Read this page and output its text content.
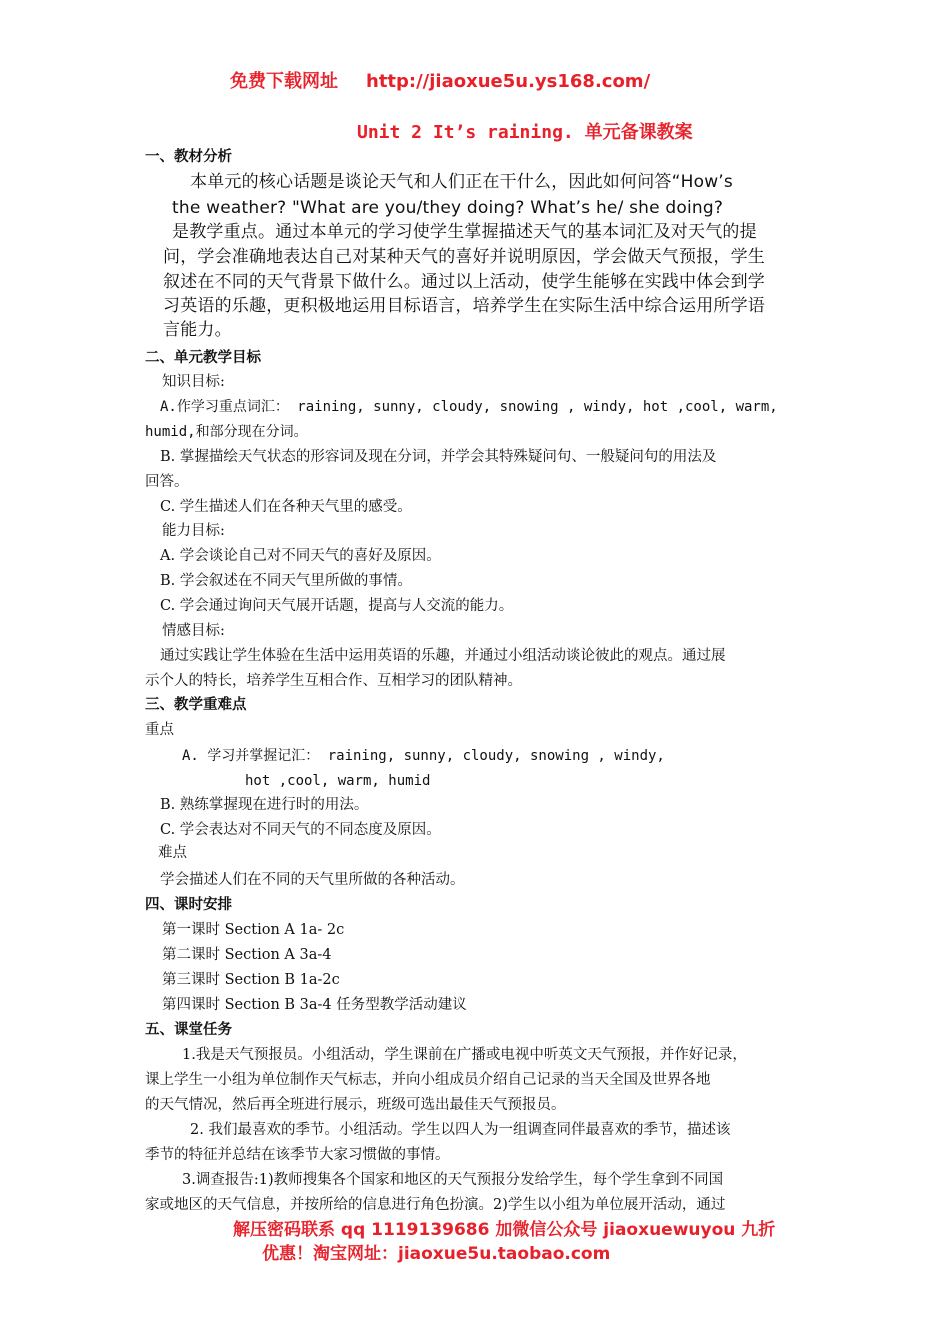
免费下载网址 http://jiaoxue5u.ys168.com/
Unit 2 It’s raining. 单元备课教案
一、教材分析
本单元的核心话题是谈论天气和人们正在干什么，因此如何问答“How’s
the weather? "What are you/they doing? What’s he/ she doing?
是教学重点。通过本单元的学习使学生掌握描述天气的基本词汇及对天气的提
问，学会准确地表达自己对某种天气的喜好并说明原因，学会做天气预报，学生
叙述在不同的天气背景下做什么。通过以上活动，使学生能够在实践中体会到学
习英语的乐趣，更积极地运用目标语言，培养学生在实际生活中综合运用所学语
言能力。
二、单元教学目标
知识目标:
A.作学习重点词汇： raining, sunny, cloudy, snowing , windy, hot ,cool, warm,
humid,和部分现在分词。
B. 掌握描绘天气状态的形容词及现在分词，并学会其特殊疑问句、一般疑问句的用法及
回答。
C. 学生描述人们在各种天气里的感受。
能力目标:
A. 学会谈论自己对不同天气的喜好及原因。
B. 学会叙述在不同天气里所做的事情。
C. 学会通过询问天气展开话题，提高与人交流的能力。
情感目标:
通过实践让学生体验在生活中运用英语的乐趣，并通过小组活动谈论彼此的观点。通过展
示个人的特长，培养学生互相合作、互相学习的团队精神。
三、教学重难点
重点
A. 学习并掌握记汇： raining, sunny, cloudy, snowing , windy,
hot ,cool, warm, humid
B. 熟练掌握现在进行时的用法。
C. 学会表达对不同天气的不同态度及原因。
难点
学会描述人们在不同的天气里所做的各种活动。
四、课时安排
第一课时 Section A 1a- 2c
第二课时 Section A 3a-4
第三课时 Section B 1a-2c
第四课时 Section B 3a-4 任务型教学活动建议
五、课堂任务
1.我是天气预报员。小组活动，学生课前在广播或电视中听英文天气预报，并作好记录，
课上学生一小组为单位制作天气标志，并向小组成员介绍自己记录的当天全国及世界各地
的天气情况，然后再全班进行展示，班级可选出最佳天气预报员。
2. 我们最喜欢的季节。小组活动。学生以四人为一组调查同伴最喜欢的季节，描述该
季节的特征并总结在该季节大家习惯做的事情。
3.调查报告:1)教师搜集各个国家和地区的天气预报分发给学生，每个学生拿到不同国
家或地区的天气信息，并按所给的信息进行角色扮演。2)学生以小组为单位展开活动，通过
解压密码联系 qq 1119139686 加微信公众号 jiaoxuewuyou 九折
优惠！淘宝网址：jiaoxue5u.taobao.com
